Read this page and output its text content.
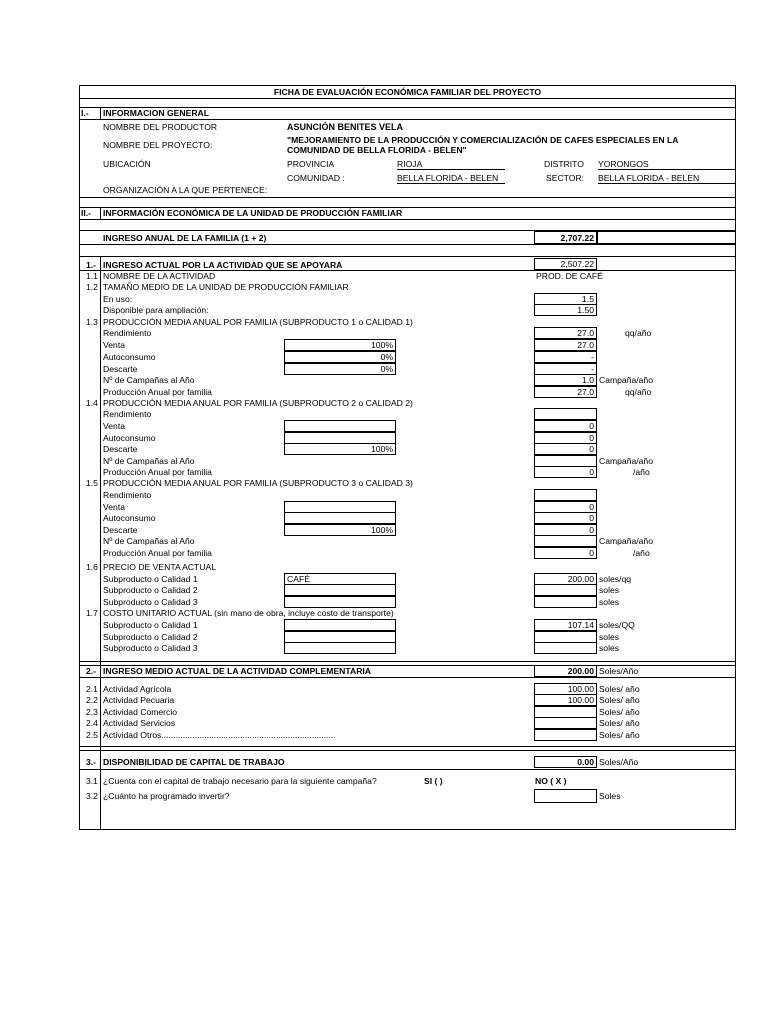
FICHA DE EVALUACIÓN ECONÓMICA FAMILIAR DEL PROYECTO
I.- INFORMACION GENERAL
NOMBRE DEL PRODUCTOR	ASUNCIÓN BENITES VELA
NOMBRE DEL PROYECTO:	"MEJORAMIENTO DE LA PRODUCCIÓN Y COMERCIALIZACIÓN DE CAFES ESPECIALES EN LA
COMUNIDAD DE BELLA FLORIDA - BELEN"
UBICACIÓN	PROVINCIA	RIOJA	DISTRITO YORONGOS
COMUNIDAD :	BELLA FLORIDA - BELEN	SECTOR: BELLA FLORIDA - BELEN
ORGANIZACIÓN A LA QUE PERTENECE:
II.- INFORMACIÓN ECONÓMICA DE LA UNIDAD DE PRODUCCIÓN FAMILIAR
INGRESO ANUAL DE LA FAMILIA (1 + 2)	2,707.22
1.- INGRESO ACTUAL POR LA ACTIVIDAD QUE SE APOYARA	2,507.22
1.1 NOMBRE DE LA ACTIVIDAD	PROD. DE CAFÉ
1.2 TAMAÑO MEDIO DE LA UNIDAD DE PRODUCCIÓN FAMILIAR
En uso:	1.5
Disponible para ampliación:	1.50
1.3 PRODUCCIÓN MEDIA ANUAL POR FAMILIA (SUBPRODUCTO 1 o CALIDAD 1)
Rendimiento	27.0	qq/año
Venta	100%	27.0
Autoconsumo	0%	-
Descarte	0%	-
Nº de Campañas al Año	1.0 Campaña/año
Producción Anual por familia	27.0	qq/año
1.4 PRODUCCIÓN MEDIA ANUAL POR FAMILIA (SUBPRODUCTO 2 o CALIDAD 2)
Rendimiento
Venta	0
Autoconsumo	0
Descarte	100%	0
Nº de Campañas al Año	Campaña/año
Producción Anual por familia	0	/año
1.5 PRODUCCIÓN MEDIA ANUAL POR FAMILIA (SUBPRODUCTO 3 o CALIDAD 3)
Rendimiento
Venta	0
Autoconsumo	0
Descarte	100%	0
Nº de Campañas al Año	Campaña/año
Producción Anual por familia	0	/año
1.6 PRECIO DE VENTA ACTUAL
Subproducto o Calidad 1	CAFÉ	200.00 soles/qq
Subproducto o Calidad 2	soles
Subproducto o Calidad 3	soles
1.7 COSTO UNITARIO ACTUAL (sin mano de obra, incluye costo de transporte)
Subproducto o Calidad 1	107.14 soles/QQ
Subproducto o Calidad 2	soles
Subproducto o Calidad 3	soles
2.- INGRESO MEDIO ACTUAL DE LA ACTIVIDAD COMPLEMENTARIA	200.00 Soles/Año
2.1 Actividad Agrícola	100.00 Soles/ año
2.2 Actividad Pecuaria	100.00 Soles/ año
2.3 Actividad Comercio	Soles/ año
2.4 Actividad Servicios	Soles/ año
2.5 Actividad Otros........................................................................	Soles/ año
3.- DISPONIBILIDAD DE CAPITAL DE TRABAJO	0.00 Soles/Año
3.1 ¿Cuenta con el capital de trabajo necesario para la siguiente campaña?	SI ( )	NO ( X )
3.2 ¿Cuánto ha programado invertir?	Soles
